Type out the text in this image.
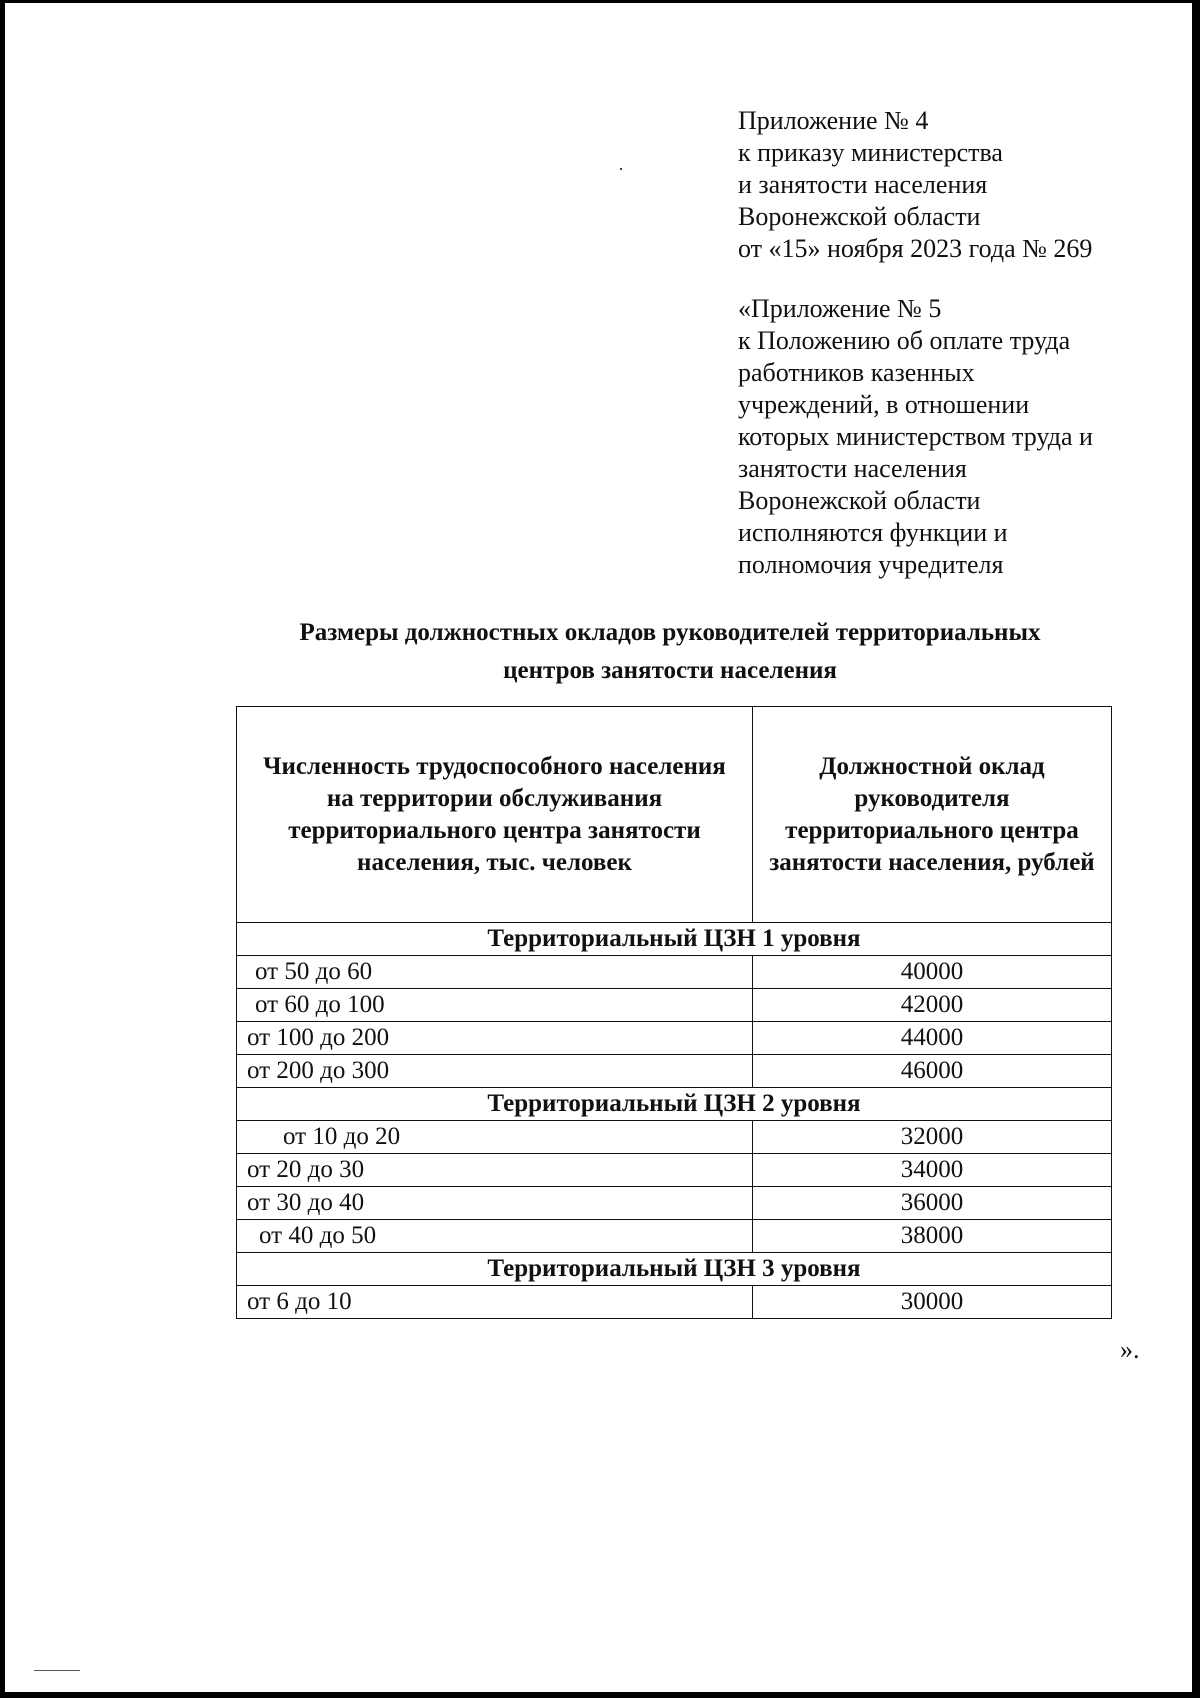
Приложение № 4

к приказу министерства

и занятости населения

Воронежской области

от «15» ноября 2023 года № 269

«Приложение № 5

к Положению об оплате труда

работников казенных

учреждений, в отношении

которых министерством труда и

занятости населения

Воронежской области

исполняются функции и

полномочия учредителя

Размеры должностных окладов руководителей территориальных

центров занятости населения

Численность трудоспособного населения на территории обслуживания территориального центра занятости населения, тыс. человек	Должностной оклад руководителя территориального центра занятости населения, рублей
Территориальный ЦЗН 1 уровня	
от 50 до 60	40000
от 60 до 100	42000
от 100 до 200	44000
от 200 до 300	46000
Территориальный ЦЗН 2 уровня	
от 10 до 20	32000
от 20 до 30	34000
от 30 до 40	36000
от 40 до 50	38000
Территориальный ЦЗН 3 уровня	
от 6 до 10	30000
».
